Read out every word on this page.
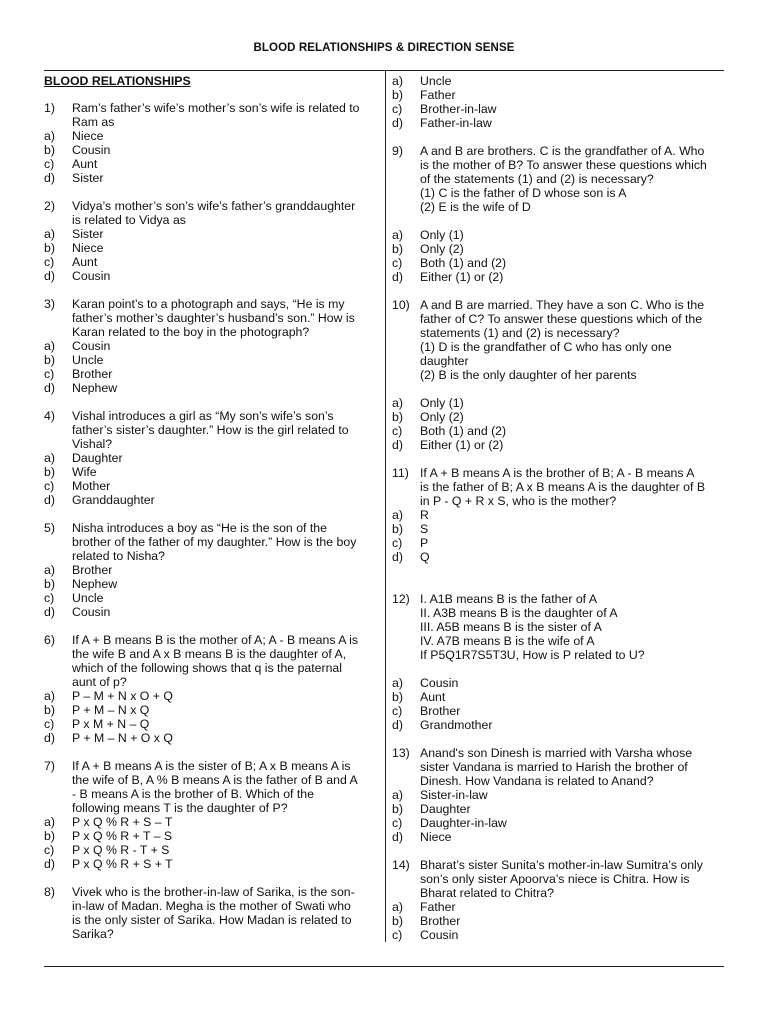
BLOOD RELATIONSHIPS & DIRECTION SENSE
BLOOD RELATIONSHIPS
1)	Ram’s father’s wife’s mother’s son’s wife is related to
Ram as
a )	Niece
b )	Cousin
c )	Aunt
d )	Sister
2)	Vidya’s mother’s son’s wife’s father’s granddaughter
is related to Vidya as
a )	Sister
b )	Niece
c )	Aunt
d )	Cousin
3)	Karan point’s to a photograph and says, “He is my
father’s mother’s daughter’s husband’s son.” How is
Karan related to the boy in the photograph?
a )	Cousin
b )	Uncle
c )	Brother
d )	Nephew
4)	Vishal introduces a girl as “My son’s wife’s son’s
father’s sister’s daughter.” How is the girl related to
Vishal?
a )	Daughter
b )	Wife
c )	Mother
d )	Granddaughter
5)	Nisha introduces a boy as “He is the son of the
brother of the father of my daughter.” How is the boy
related to Nisha?
a )	Brother
b )	Nephew
c )	Uncle
d )	Cousin
6)	If A + B means B is the mother of A; A - B means A is
the wife B and A x B means B is the daughter of A,
which of the following shows that q is the paternal
aunt of p?
a )	P – M + N x O + Q
b )	P + M – N x Q
c )	P x M + N – Q
d )	P + M – N + O x Q
7)	If A + B means A is the sister of B; A x B means A is
the wife of B, A % B means A is the father of B and A
- B means A is the brother of B. Which of the
following means T is the daughter of P?
a )	P x Q % R + S – T
b )	P x Q % R + T – S
c )	P x Q % R - T + S
d )	P x Q % R + S + T
8)	Vivek who is the brother-in-law of Sarika, is the son-
in-law of Madan. Megha is the mother of Swati who
is the only sister of Sarika. How Madan is related to
Sarika?
a )	Uncle
b )	Father
c )	Brother-in-law
d )	Father-in-law
9)	A and B are brothers. C is the grandfather of A. Who
is the mother of B? To answer these questions which
of the statements (1) and (2) is necessary?
(1) C is the father of D whose son is A
(2) E is the wife of D
a )	Only (1)
b )	Only (2)
c )	Both (1) and (2)
d )	Either (1) or (2)
10) A and B are married. They have a son C. Who is the
father of C? To answer these questions which of the
statements (1) and (2) is necessary?
(1) D is the grandfather of C who has only one
daughter
(2) B is the only daughter of her parents
a )	Only (1)
b )	Only (2)
c )	Both (1) and (2)
d )	Either (1) or (2)
11) If A + B means A is the brother of B; A - B means A
is the father of B; A x B means A is the daughter of B
in P - Q + R x S, who is the mother?
a )	R
b )	S
c )	P
d )	Q
12) I. A1B means B is the father of A
II. A3B means B is the daughter of A
III. A5B means B is the sister of A
IV. A7B means B is the wife of A
If P5Q1R7S5T3U, How is P related to U?
a )	Cousin
b )	Aunt
c )	Brother
d )	Grandmother
13) Anand's son Dinesh is married with Varsha whose
sister Vandana is married to Harish the brother of
Dinesh. How Vandana is related to Anand?
a )	Sister-in-law
b )	Daughter
c )	Daughter-in-law
d )	Niece
14) Bharat’s sister Sunita’s mother-in-law Sumitra’s only
son’s only sister Apoorva’s niece is Chitra. How is
Bharat related to Chitra?
a )	Father
b )	Brother
c )	Cousin
